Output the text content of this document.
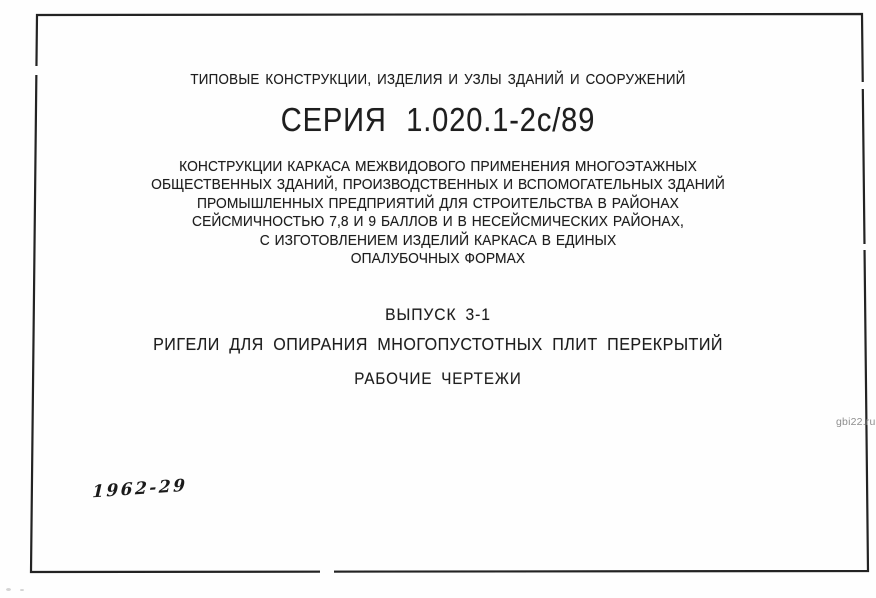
ТИПОВЫЕ КОНСТРУКЦИИ, ИЗДЕЛИЯ И УЗЛЫ ЗДАНИЙ И СООРУЖЕНИЙ
СЕРИЯ 1.020.1-2с/89
КОНСТРУКЦИИ КАРКАСА МЕЖВИДОВОГО ПРИМЕНЕНИЯ МНОГОЭТАЖНЫХ
ОБЩЕСТВЕННЫХ ЗДАНИЙ, ПРОИЗВОДСТВЕННЫХ И ВСПОМОГАТЕЛЬНЫХ ЗДАНИЙ
ПРОМЫШЛЕННЫХ ПРЕДПРИЯТИЙ ДЛЯ СТРОИТЕЛЬСТВА В РАЙОНАХ
СЕЙСМИЧНОСТЬЮ 7,8 И 9 БАЛЛОВ И В НЕСЕЙСМИЧЕСКИХ РАЙОНАХ,
С ИЗГОТОВЛЕНИЕМ ИЗДЕЛИЙ КАРКАСА В ЕДИНЫХ
ОПАЛУБОЧНЫХ ФОРМАХ
ВЫПУСК 3-1
РИГЕЛИ ДЛЯ ОПИРАНИЯ МНОГОПУСТОТНЫХ ПЛИТ ПЕРЕКРЫТИЙ
РАБОЧИЕ ЧЕРТЕЖИ
1962-29
gbi22.ru
